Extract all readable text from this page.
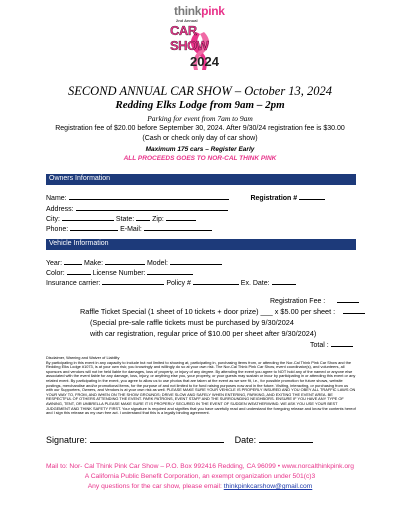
thinkpink
2nd Annual
CAR SHOW
2024
SECOND ANNUAL CAR SHOW – October 13, 2024
Redding Elks Lodge from 9am – 2pm
Parking for event from 7am to 9am
Registration fee of $20.00 before September 30, 2024. After 9/30/24 registration fee is $30.00
(Cash or check only day of car show)
Maximum 175 cars – Register Early
ALL PROCEEDS GOES TO NOR-CAL THINK PINK
Owners Information
Name:	Registration #
Address:
City:	State:	Zip:
Phone:	E-Mail:
Vehicle Information
Year:	Make:	Model:
Color:	License Number:
Insurance carrier:	Policy #	Ex. Date:
Registration Fee :
Raffle Ticket Special (1 sheet of 10 tickets + door prize) ___ x $5.00 per sheet :
(Special pre-sale raffle tickets must be purchased by 9/30/2024
with car registration, regular price of $10.00 per sheet after 9/30/2024)
Total :
Disclaimer, Warning and Waiver of Liability
By participating in this event in any capacity to include but not limited to showing at, participating in, purchasing items from, or attending the Nor-Cal Think Pink Car Show and the Redding Elks Lodge #1073, is at your own risk; you knowingly and willingly do so at your own risk. The Nor-Cal Think Pink Car Show, event coordinator(s), and volunteers, all sponsors and vendors will not be held liable for damages, loss of property, or injury of any degree. By attending the event you agree to NOT hold any of the named or anyone else associated with the event liable for any damage, loss, injury, or anything else you, your property, or your guests may sustain or incur by participating in or attending this event or any related event. By participating in the event, you agree to allow us to use photos that are taken at the event as we see fit, i.e., for possible promotion for future shows, website postings, merchandise and/or promotional items, for the purpose of and not limited to for fund raising purposes now and in the future. Visiting, interacting, or purchasing from us with our Supporters, Owners, and Vendors is at your own risk as well. PLEASE MAKE SURE YOUR VEHICLE IS PROPERLY INSURED AND YOU OBEY ALL TRAFFIC LAWS ON YOUR WAY TO, FROM, AND WHEN ON THE SHOW GROUNDS; DRIVE SLOW AND SAFELY WHEN ENTERING, PARKING, AND EXITING THE EVENT AREA. BE RESPECTFUL OF OTHERS ATTENDING THE EVENT. PARK PATRONS, EVENT STAFF AND THE SURROUNDING NEIGHBORS. ENSURE IF YOU HAVE ANY TYPE OF AWNING, TENT, OR UMBRELLA PLEASE MAKE SURE IT IS PROPERLY SECURED IN THE EVENT OF SUDDEN WEATHER/WIND. WE ASK YOU USE YOUR BEST JUDGEMENT AND THINK SAFETY FIRST. Your signature is required and signifies that you have carefully read and understand the foregoing release and know the contents hereof and I sign this release as my own free act. I understand that this is a legally binding agreement.
Signature:	Date:
Mail to: Nor- Cal Think Pink Car Show – P.O. Box 992416 Redding, CA 96099 • www.norcalthinkpink.org
A California Public Benefit Corporation, an exempt organization under 501(c)3
Any questions for the car show, please email: thinkpinkcarshow@gmail.com
